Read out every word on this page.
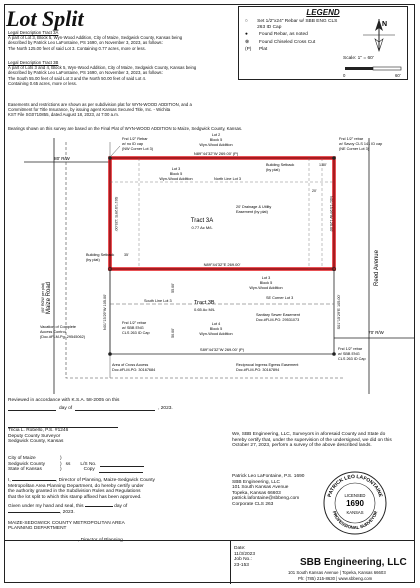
Lot Split
Legal Description Tract 3A
A part of Lot 3, Block 5, Wyn-Wood Addition, City of Maize, Sedgwick County, Kansas being
described by Patrick Leo LaFontaine, PS 1690, on November 3, 2023, as follows:
The North 125.00 feet of said Lot 3. Containing 0.77 acres, more or less.
Legal Description Tract 3B
A part of Lots 3 and 4, Block 5, Wyn-Wood Addition, City of Maize, Sedgwick County, Kansas being
described by Patrick Leo LaFontaine, PS 1690, on November 3, 2023, as follows:
The South 55.00 feet of said Lot 3 and the North 50.00 feet of said Lot 4.
Containing 0.65 acres, more or less.
Easements and restrictions are shown as per subdivision plat for WYN-WOOD ADDITION, and a
Commitment for Title Insurance, by issuing agent Kansas Secured Title, Inc. - Wichita
KST File SG0710855, dated August 18, 2023, at 7:00 a.m.
Bearings shown on this survey are based on the Final Plat of WYN-WOOD ADDITION to Maize, Sedgwick County, Kansas.
LEGEND
○	Set 1/2"x24" Rebar w/ SBB ENG CLS 263 ID Cap
●	Found Rebar, as noted
⊗	Found Chiseled Cross Cut
(P)	Plat
N
Scale: 1" = 60'
0	60'
Maize Road
(60' ROW per plat)
Reed Avenue
80' R/W
70' R/W
Fnd 1/2" Rebar
w/ no ID cap
(NW Corner Lot 3)
Fnd 1/2" rebar
w/ Savoy CLS 141 ID cap
(NE Corner Lot 3)
Lot 2
Block 5
Wyn-Wood Addition
N89°44'32"W 269.00' (P)
Lot 3
Block 5
Wyn-Wood Addition	North Line Lot 3
Building Setback
(by plat)
1.80'
20'
20' Drainage & Utility
Easement (by plat)
Tract 3A
0.77 Ac M/L
Building Setback
(by plat)
35'
N89°44'32"E 269.00'
S01°15'29"E 125.00'	N01°15'29"W 125.00'
Lot 3
Block 5
Wyn-Wood Addition
South Line Lot 3	Tract 3B
0.65 Ac M/L
SE Corner Lot 3
Sanitary Sewer Easement
Doc.#FLM-PG: 29531073
Lot 4
Block 5
Wyn-Wood Addition
Vacation of Complete
Access Control
(Doc.#FLM-Pg: 29545062)
Fnd 1/2" rebar
w/ SBB ENG
CLS 263 ID Cap
Fnd 1/2" rebar
w/ SBB ENG
CLS 263 ID Cap
S89°44'32"W 269.00' (P)
N01°15'29"W 105.00'	S01°15'29"E 105.00'
55.00'
50.00'
Area of Cross Access
Doc.#FLM-PG: 30167684
Reciprocal Ingress Egress Easement
Doc.#FLM-PG: 30167894
Reviewed in accordance with K.S.A. 58-2005 on this
day of	, 2023.
Tricia L. Robello, P.S. #1246
Deputy County Surveyor
Sedgwick County, Kansas
City of Maize	)
Sedgwick County	) ss L/S No.
State of Kansas	)	Copy
I,	, Director of Planning, Maize-Sedgwick County
Metropolitan Area Planning Department, do hereby certify under
the authority granted in the Subdivision Rules and Regulations
that the lot split to which this stamp affixed has been approved.
Given under my hand and seal, this	day of
, 2023.
MAIZE-SEDGWICK COUNTY METROPOLITAN AREA
PLANNING DEPARTMENT
, Director of Planning
Date:
11/3/2023
Job No.:
23-153
We, SBB Engineering, LLC, Surveyors in aforesaid County and State do
hereby certify that, under the supervision of the undersigned, we did on this
October 27, 2023, perform a survey of the above described lands.
Patrick Leo LaFontaine, P.S. 1690
SBB Engineering, LLC
101 South Kansas Avenue
Topeka, Kansas 66603
patrick.lafontaine@sbbeng.com
Corporate CLS 263
PATRICK LEO LAFONTAINE
PROFESSIONAL SURVEYOR
LICENSED
1690
KANSAS
SBB Engineering, LLC
101 South Kansas Avenue | Topeka, Kansas 66603
Ph: (785) 215-8630 | www.sbbeng.com
